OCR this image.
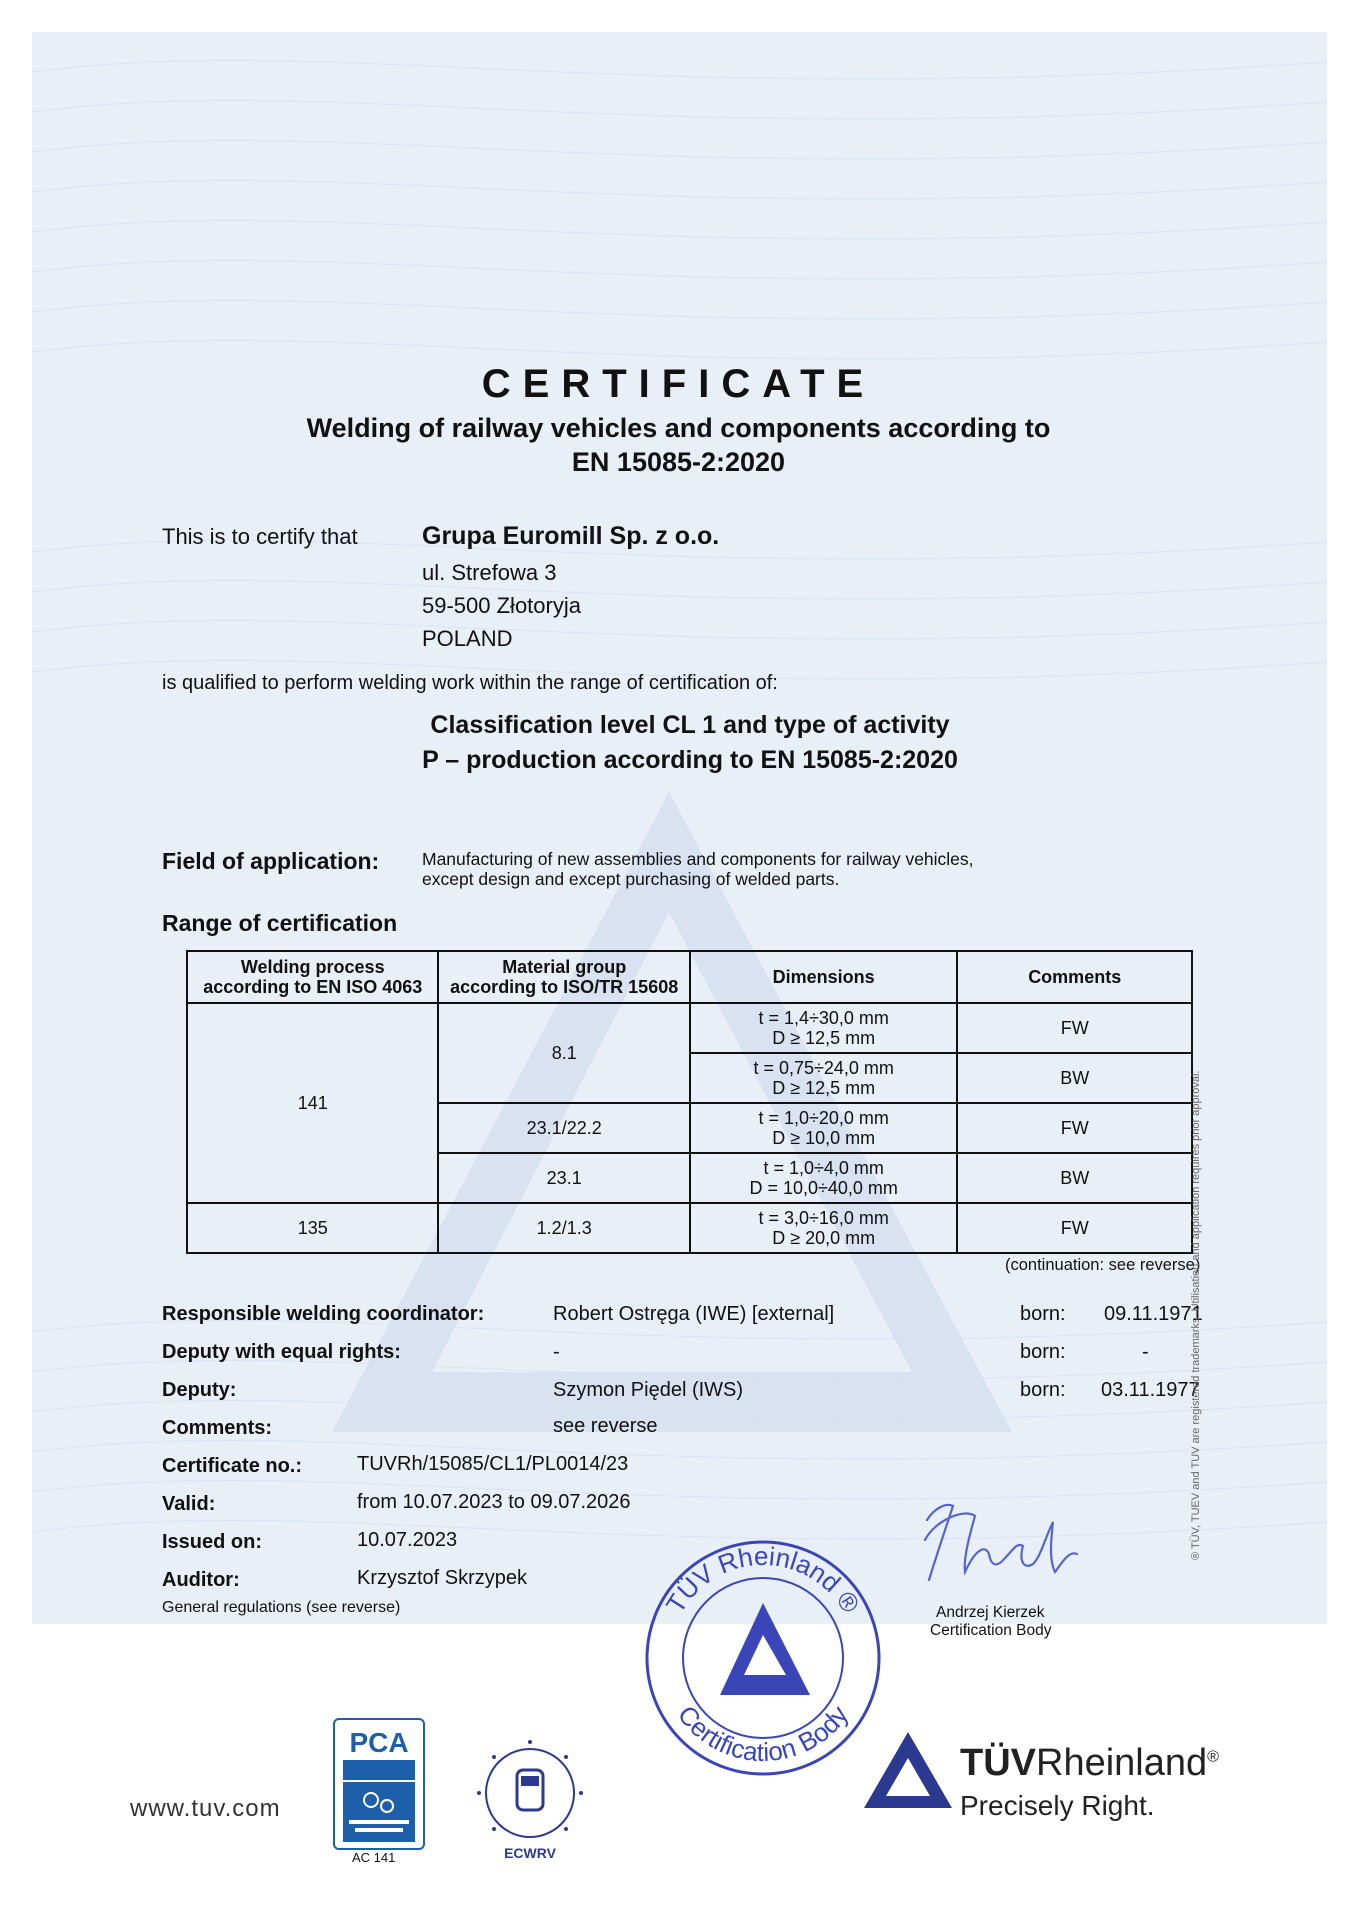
CERTIFICATE
Welding of railway vehicles and components according to
EN 15085-2:2020
This is to certify that	Grupa Euromill Sp. z o.o.
ul. Strefowa 3
59-500 Złotoryja
POLAND
is qualified to perform welding work within the range of certification of:
Classification level CL 1 and type of activity
P – production according to EN 15085-2:2020
Field of application: Manufacturing of new assemblies and components for railway vehicles,
except design and except purchasing of welded parts.
Range of certification
Welding process
according to EN ISO 4063	Material group
according to ISO/TR 15608	Dimensions	Comments
141	8.1	t = 1,4÷30,0 mm
D ≥ 12,5 mm	FW
		t = 0,75÷24,0 mm
D ≥ 12,5 mm	BW
	23.1/22.2	t = 1,0÷20,0 mm
D ≥ 10,0 mm	FW
	23.1	t = 1,0÷4,0 mm
D = 10,0÷40,0 mm	BW
135	1.2/1.3	t = 3,0÷16,0 mm
D ≥ 20,0 mm	FW
(continuation: see reverse)
Responsible welding coordinator:	Robert Ostręga (IWE) [external]	born: 09.11.1971
Deputy with equal rights:	-	born:	-
Deputy:	Szymon Piędel (IWS)	born: 03.11.1977
Comments:	see reverse
Certificate no.:	TUVRh/15085/CL1/PL0014/23
Valid:	from 10.07.2023 to 09.07.2026
Issued on:	10.07.2023
Auditor:	Krzysztof Skrzypek
General regulations (see reverse)	Andrzej Kierzek
Certification Body
TÜV Rheinland ®
Certification Body
® TÜV, TUEV and TUV are registered trademarks. Utilisation and application requires prior approval.
www.tuv.com
PCA
AC 141	ECWRV
TÜVRheinland®
Precisely Right.
